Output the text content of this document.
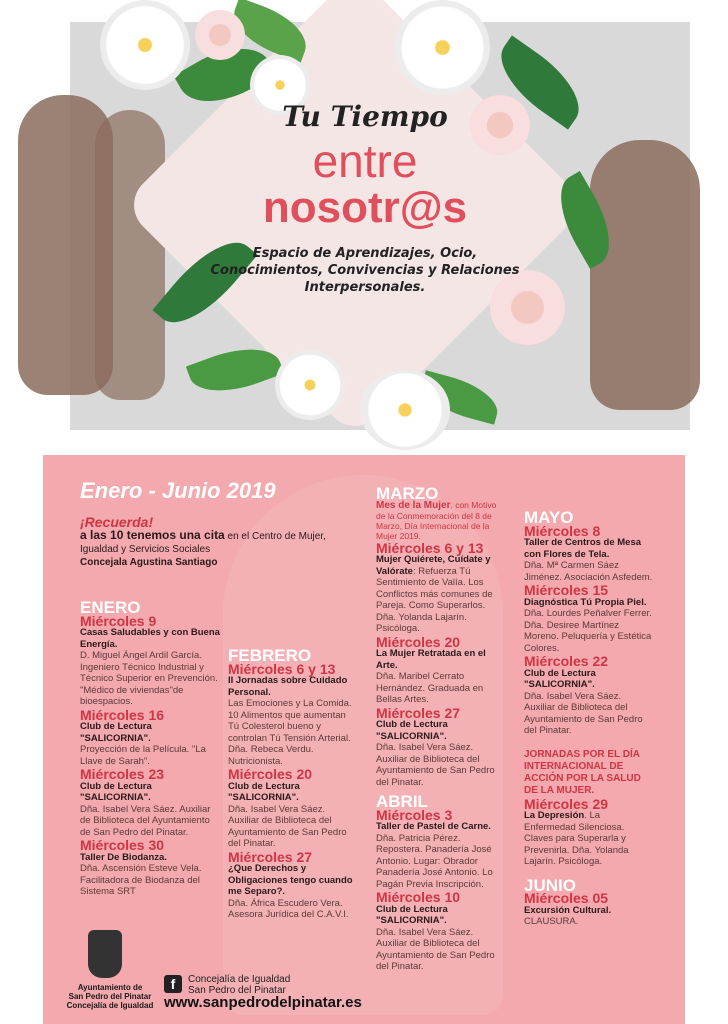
Tu Tiempo
entre
nosotr@s
Espacio de Aprendizajes, Ocio, Conocimientos, Convivencias y Relaciones Interpersonales.
Enero - Junio 2019
¡Recuerda!
a las 10 tenemos una cita en el Centro de Mujer, Igualdad y Servicios Sociales
Concejala Agustina Santiago
ENERO
Miércoles 9
Casas Saludables y con Buena Energía.
D. Miguel Ángel Ardil García. Ingeniero Técnico Industrial y Técnico Superior en Prevención. "Médico de viviendas"de bioespacios.
Miércoles 16
Club de Lectura "SALICORNIA".
Proyección de la Película. "La Llave de Sarah".
Miércoles 23
Club de Lectura "SALICORNIA".
Dña. Isabel Vera Sáez. Auxiliar de Biblioteca del Ayuntamiento de San Pedro del Pinatar.
Miércoles 30
Taller De Biodanza.
Dña. Ascensión Esteve Vela. Facilitadora de Biodanza del Sistema SRT
FEBRERO
Miércoles 6 y 13
II Jornadas sobre Cuidado Personal.
Las Emociones y La Comida. 10 Alimentos que aumentan Tú Colesterol bueno y controlan Tú Tensión Arterial. Dña. Rebeca Verdu. Nutricionista.
Miércoles 20
Club de Lectura "SALICORNIA".
Dña. Isabel Vera Sáez. Auxiliar de Biblioteca del Ayuntamiento de San Pedro del Pinatar.
Miércoles 27
¿Que Derechos y Obligaciones tengo cuando me Separo?.
Dña. África Escudero Vera. Asesora Jurídica del C.A.V.I.
MARZO
Mes de la Mujer, con Motivo de la Conmemoración del 8 de Marzo, Día Internacional de la Mujer 2019.
Miércoles 6 y 13
Mujer Quiérete, Cuídate y Valórate: Refuerza Tú Sentimiento de Valía. Los Conflictos más comunes de Pareja. Como Superarlos. Dña. Yolanda Lajarín. Psicóloga.
Miércoles 20
La Mujer Retratada en el Arte.
Dña. Maribel Cerrato Hernández. Graduada en Bellas Artes.
Miércoles 27
Club de Lectura "SALICORNIA".
Dña. Isabel Vera Sáez. Auxiliar de Biblioteca del Ayuntamiento de San Pedro del Pinatar.
ABRIL
Miércoles 3
Taller de Pastel de Carne.
Dña. Patricia Pérez. Repostera. Panadería José Antonio. Lugar: Obrador Panadería José Antonio. Lo Pagán Previa Inscripción.
Miércoles 10
Club de Lectura "SALICORNIA".
Dña. Isabel Vera Sáez. Auxiliar de Biblioteca del Ayuntamiento de San Pedro del Pinatar.
MAYO
Miércoles 8
Taller de Centros de Mesa con Flores de Tela.
Dña. Mª Carmen Sáez Jiménez. Asociación Asfedem.
Miércoles 15
Diagnóstica Tú Propia Piel.
Dña. Lourdes Peñalver Ferrer. Dña. Desiree Martínez Moreno. Peluquería y Estética Colores.
Miércoles 22
Club de Lectura "SALICORNIA".
Dña. Isabel Vera Sáez. Auxiliar de Biblioteca del Ayuntamiento de San Pedro del Pinatar.
JORNADAS POR EL DÍA INTERNACIONAL DE ACCIÓN POR LA SALUD DE LA MUJER.
Miércoles 29
La Depresión. La Enfermedad Silenciosa. Claves para Superarla y Prevenirla. Dña. Yolanda Lajarín. Psicóloga.
JUNIO
Miércoles 05
Excursión Cultural.
CLAUSURA.
Ayuntamiento de
San Pedro del Pinatar
Concejalía de Igualdad
f	Concejalía de Igualdad
San Pedro del Pinatar
www.sanpedrodelpinatar.es
